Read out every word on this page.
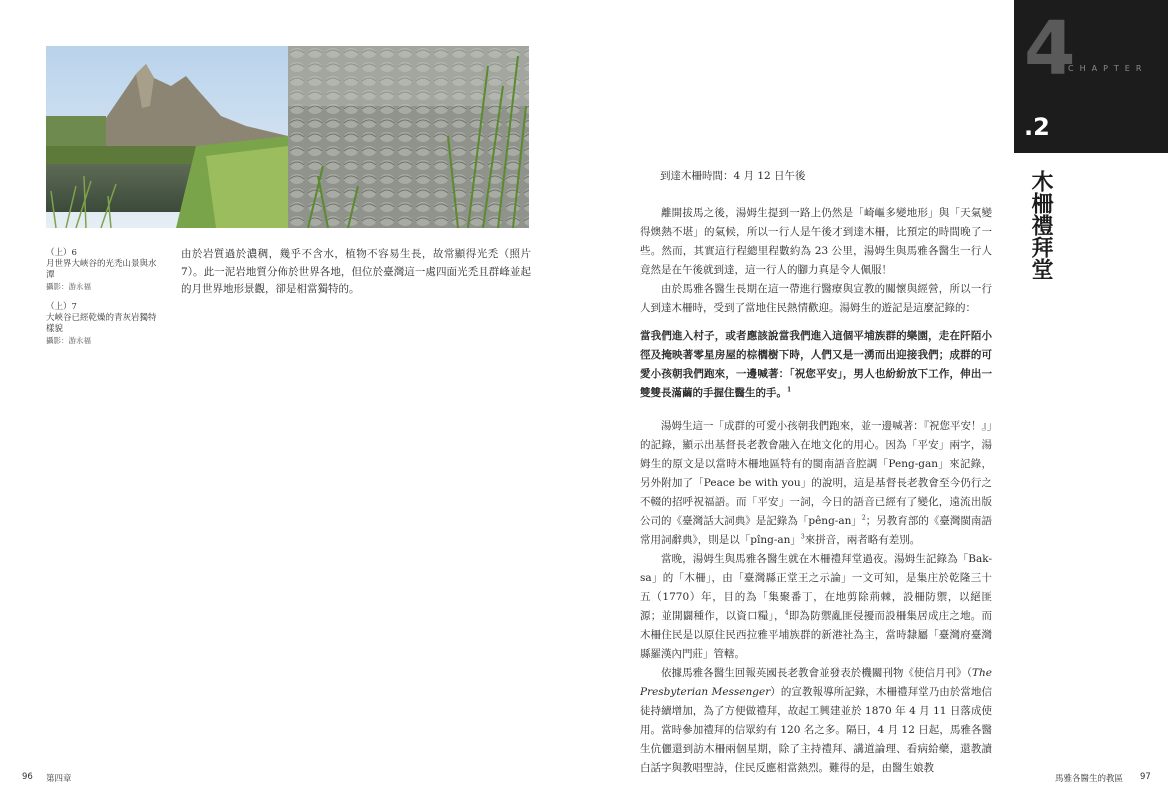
（上）6
月世界大峽谷的光禿山景與水潭
攝影：游永福
（上）7
大峽谷已經乾燥的青灰岩獨特樣貌
攝影：游永福
由於岩質過於濃稠，幾乎不含水，植物不容易生長，故常顯得光禿（照片7）。此一泥岩地質分佈於世界各地，但位於臺灣這一處四面光禿且群峰並起的月世界地形景觀，卻是相當獨特的。
96 第四章
4
CHAPTER
.2
木柵禮拜堂
到達木柵時間：4 月 12 日午後

離開拔馬之後，湯姆生提到一路上仍然是「崎嶇多變地形」與「天氣變得燠熱不堪」的氣候，所以一行人是午後才到達木柵，比預定的時間晚了一些。然而，其實這行程總里程數約為 23 公里，湯姆生與馬雅各醫生一行人竟然是在午後就到達，這一行人的腳力真是令人佩服！

由於馬雅各醫生長期在這一帶進行醫療與宣教的關懷與經營，所以一行人到達木柵時，受到了當地住民熱情歡迎。湯姆生的遊記是這麼記錄的：

當我們進入村子，或者應該說當我們進入這個平埔族群的樂園，走在阡陌小徑及掩映著零星房屋的棕櫚樹下時，人們又是一湧而出迎接我們；成群的可愛小孩朝我們跑來，一邊喊著：「祝您平安」，男人也紛紛放下工作，伸出一雙雙長滿繭的手握住醫生的手。$^1$

湯姆生這一「成群的可愛小孩朝我們跑來，並一邊喊著：『祝您平安！』」的記錄，顯示出基督長老教會融入在地文化的用心。因為「平安」兩字，湯姆生的原文是以當時木柵地區特有的閩南語音腔調「Peng-gan」來記錄，另外附加了「Peace be with you」的說明，這是基督長老教會至今仍行之不輟的招呼祝福語。而「平安」一詞，今日的語音已經有了變化，遠流出版公司的《臺灣話大詞典》是記錄為「pêng-an」$^2$；另教育部的《臺灣閩南語常用詞辭典》，則是以「pîng-an」$^3$來拼音，兩者略有差別。

當晚，湯姆生與馬雅各醫生就在木柵禮拜堂過夜。湯姆生記錄為「Bak-sa」的「木柵」，由「臺灣縣正堂王之示論」一文可知，是集庄於乾隆三十五（1770）年，目的為「集聚番丁，在地剪除荊棘，設柵防禦，以絕匪源；並開闢種作，以資口糧」，$^4$即為防禦亂匪侵擾而設柵集居成庄之地。而木柵住民是以原住民西拉雅平埔族群的新港社為主，當時隸屬「臺灣府臺灣縣羅漢內門莊」管轄。

依據馬雅各醫生回報英國長老教會並發表於機關刊物《使信月刊》（The Presbyterian Messenger）的宣教報導所記錄，木柵禮拜堂乃由於當地信徒持續增加，為了方便做禮拜，故起工興建並於 1870 年 4 月 11 日落成使用。當時參加禮拜的信眾約有 120 名之多。隔日，4 月 12 日起，馬雅各醫生伉儷還到訪木柵兩個星期，除了主持禮拜、講道論理、看病給藥，還教讀白話字與教唱聖詩，住民反應相當熱烈。難得的是，由醫生娘教

馬雅各醫生的教區 97
